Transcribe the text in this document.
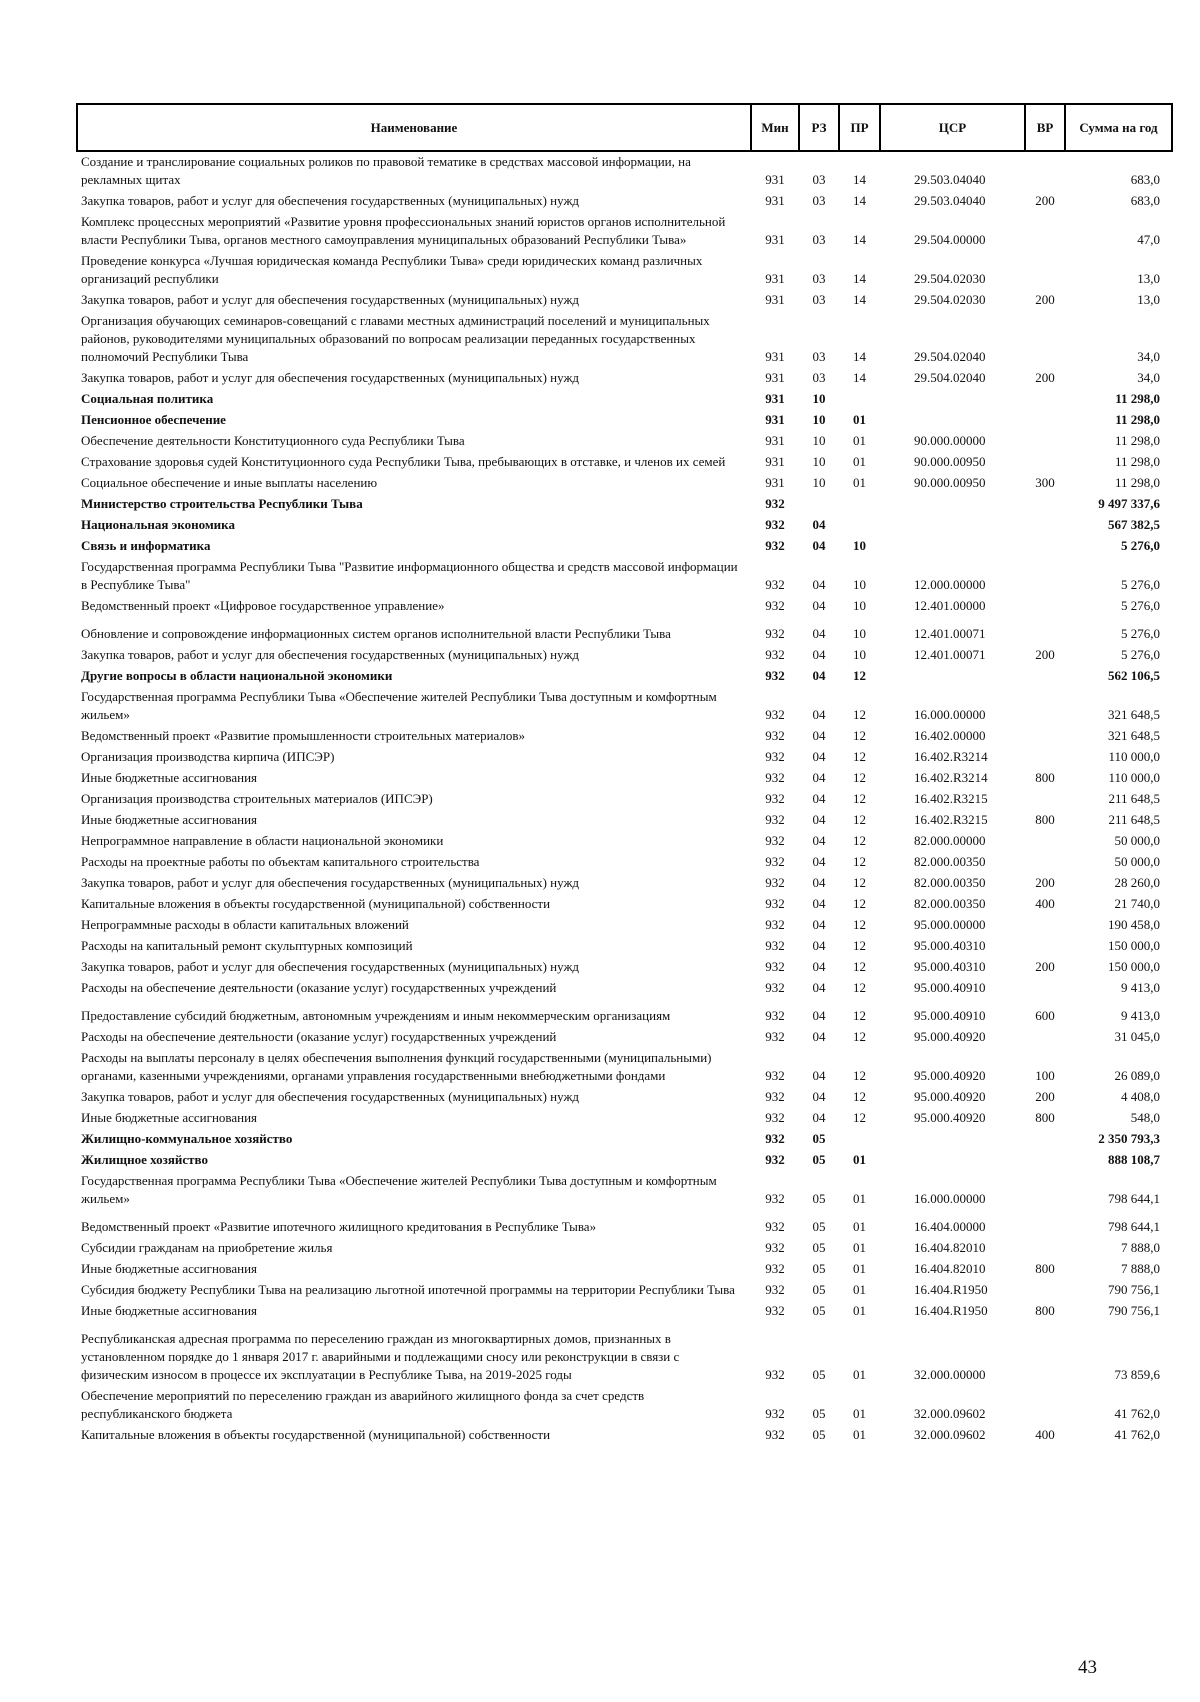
Наименование	Мин	РЗ	ПР	ЦСР	ВР	Сумма на год
Создание и транслирование социальных роликов по правовой тематике в средствах массовой информации, на рекламных щитах	931	03	14	29.503.04040		683,0
Закупка товаров, работ и услуг для обеспечения государственных (муниципальных) нужд	931	03	14	29.503.04040	200	683,0
Комплекс процессных мероприятий «Развитие уровня профессиональных знаний юристов органов исполнительной власти Республики Тыва, органов местного самоуправления муниципальных образований Республики Тыва»	931	03	14	29.504.00000		47,0
Проведение конкурса «Лучшая юридическая команда Республики Тыва» среди юридических команд различных организаций республики	931	03	14	29.504.02030		13,0
Закупка товаров, работ и услуг для обеспечения государственных (муниципальных) нужд	931	03	14	29.504.02030	200	13,0
Организация обучающих семинаров-совещаний с главами местных администраций поселений и муниципальных районов, руководителями муниципальных образований по вопросам реализации переданных государственных полномочий Республики Тыва	931	03	14	29.504.02040		34,0
Закупка товаров, работ и услуг для обеспечения государственных (муниципальных) нужд	931	03	14	29.504.02040	200	34,0
Социальная политика	931	10				11 298,0
Пенсионное обеспечение	931	10	01			11 298,0
Обеспечение деятельности Конституционного суда Республики Тыва	931	10	01	90.000.00000		11 298,0
Страхование здоровья судей Конституционного суда Республики Тыва, пребывающих в отставке, и членов их семей	931	10	01	90.000.00950		11 298,0
Социальное обеспечение и иные выплаты населению	931	10	01	90.000.00950	300	11 298,0
Министерство строительства Республики Тыва	932					9 497 337,6
Национальная экономика	932	04				567 382,5
Связь и информатика	932	04	10			5 276,0
Государственная программа Республики Тыва "Развитие информационного общества и средств массовой информации в Республике Тыва"	932	04	10	12.000.00000		5 276,0
Ведомственный проект «Цифровое государственное управление»	932	04	10	12.401.00000		5 276,0
Обновление и сопровождение информационных систем органов исполнительной власти Республики Тыва	932	04	10	12.401.00071		5 276,0
Закупка товаров, работ и услуг для обеспечения государственных (муниципальных) нужд	932	04	10	12.401.00071	200	5 276,0
Другие вопросы в области национальной экономики	932	04	12			562 106,5
Государственная программа Республики Тыва «Обеспечение жителей Республики Тыва доступным и комфортным жильем»	932	04	12	16.000.00000		321 648,5
Ведомственный проект «Развитие промышленности строительных материалов»	932	04	12	16.402.00000		321 648,5
Организация производства кирпича (ИПСЭР)	932	04	12	16.402.R3214		110 000,0
Иные бюджетные ассигнования	932	04	12	16.402.R3214	800	110 000,0
Организация производства строительных материалов (ИПСЭР)	932	04	12	16.402.R3215		211 648,5
Иные бюджетные ассигнования	932	04	12	16.402.R3215	800	211 648,5
Непрограммное направление в области национальной экономики	932	04	12	82.000.00000		50 000,0
Расходы на проектные работы по объектам капитального строительства	932	04	12	82.000.00350		50 000,0
Закупка товаров, работ и услуг для обеспечения государственных (муниципальных) нужд	932	04	12	82.000.00350	200	28 260,0
Капитальные вложения в объекты государственной (муниципальной) собственности	932	04	12	82.000.00350	400	21 740,0
Непрограммные расходы в области капитальных вложений	932	04	12	95.000.00000		190 458,0
Расходы на капитальный ремонт скульптурных композиций	932	04	12	95.000.40310		150 000,0
Закупка товаров, работ и услуг для обеспечения государственных (муниципальных) нужд	932	04	12	95.000.40310	200	150 000,0
Расходы на обеспечение деятельности (оказание услуг) государственных учреждений	932	04	12	95.000.40910		9 413,0
Предоставление субсидий бюджетным, автономным учреждениям и иным некоммерческим организациям	932	04	12	95.000.40910	600	9 413,0
Расходы на обеспечение деятельности (оказание услуг) государственных учреждений	932	04	12	95.000.40920		31 045,0
Расходы на выплаты персоналу в целях обеспечения выполнения функций государственными (муниципальными) органами, казенными учреждениями, органами управления государственными внебюджетными фондами	932	04	12	95.000.40920	100	26 089,0
Закупка товаров, работ и услуг для обеспечения государственных (муниципальных) нужд	932	04	12	95.000.40920	200	4 408,0
Иные бюджетные ассигнования	932	04	12	95.000.40920	800	548,0
Жилищно-коммунальное хозяйство	932	05				2 350 793,3
Жилищное хозяйство	932	05	01			888 108,7
Государственная программа Республики Тыва «Обеспечение жителей Республики Тыва доступным и комфортным жильем»	932	05	01	16.000.00000		798 644,1
Ведомственный проект «Развитие ипотечного жилищного кредитования в Республике Тыва»	932	05	01	16.404.00000		798 644,1
Субсидии гражданам на приобретение жилья	932	05	01	16.404.82010		7 888,0
Иные бюджетные ассигнования	932	05	01	16.404.82010	800	7 888,0
Субсидия бюджету Республики Тыва на реализацию льготной ипотечной программы на территории Республики Тыва	932	05	01	16.404.R1950		790 756,1
Иные бюджетные ассигнования	932	05	01	16.404.R1950	800	790 756,1
Республиканская адресная программа по переселению граждан из многоквартирных домов, признанных в установленном порядке до 1 января 2017 г. аварийными и подлежащими сносу или реконструкции в связи с физическим износом в процессе их эксплуатации в Республике Тыва, на 2019-2025 годы	932	05	01	32.000.00000		73 859,6
Обеспечение мероприятий по переселению граждан из аварийного жилищного фонда за счет средств республиканского бюджета	932	05	01	32.000.09602		41 762,0
Капитальные вложения в объекты государственной (муниципальной) собственности	932	05	01	32.000.09602	400	41 762,0
43
